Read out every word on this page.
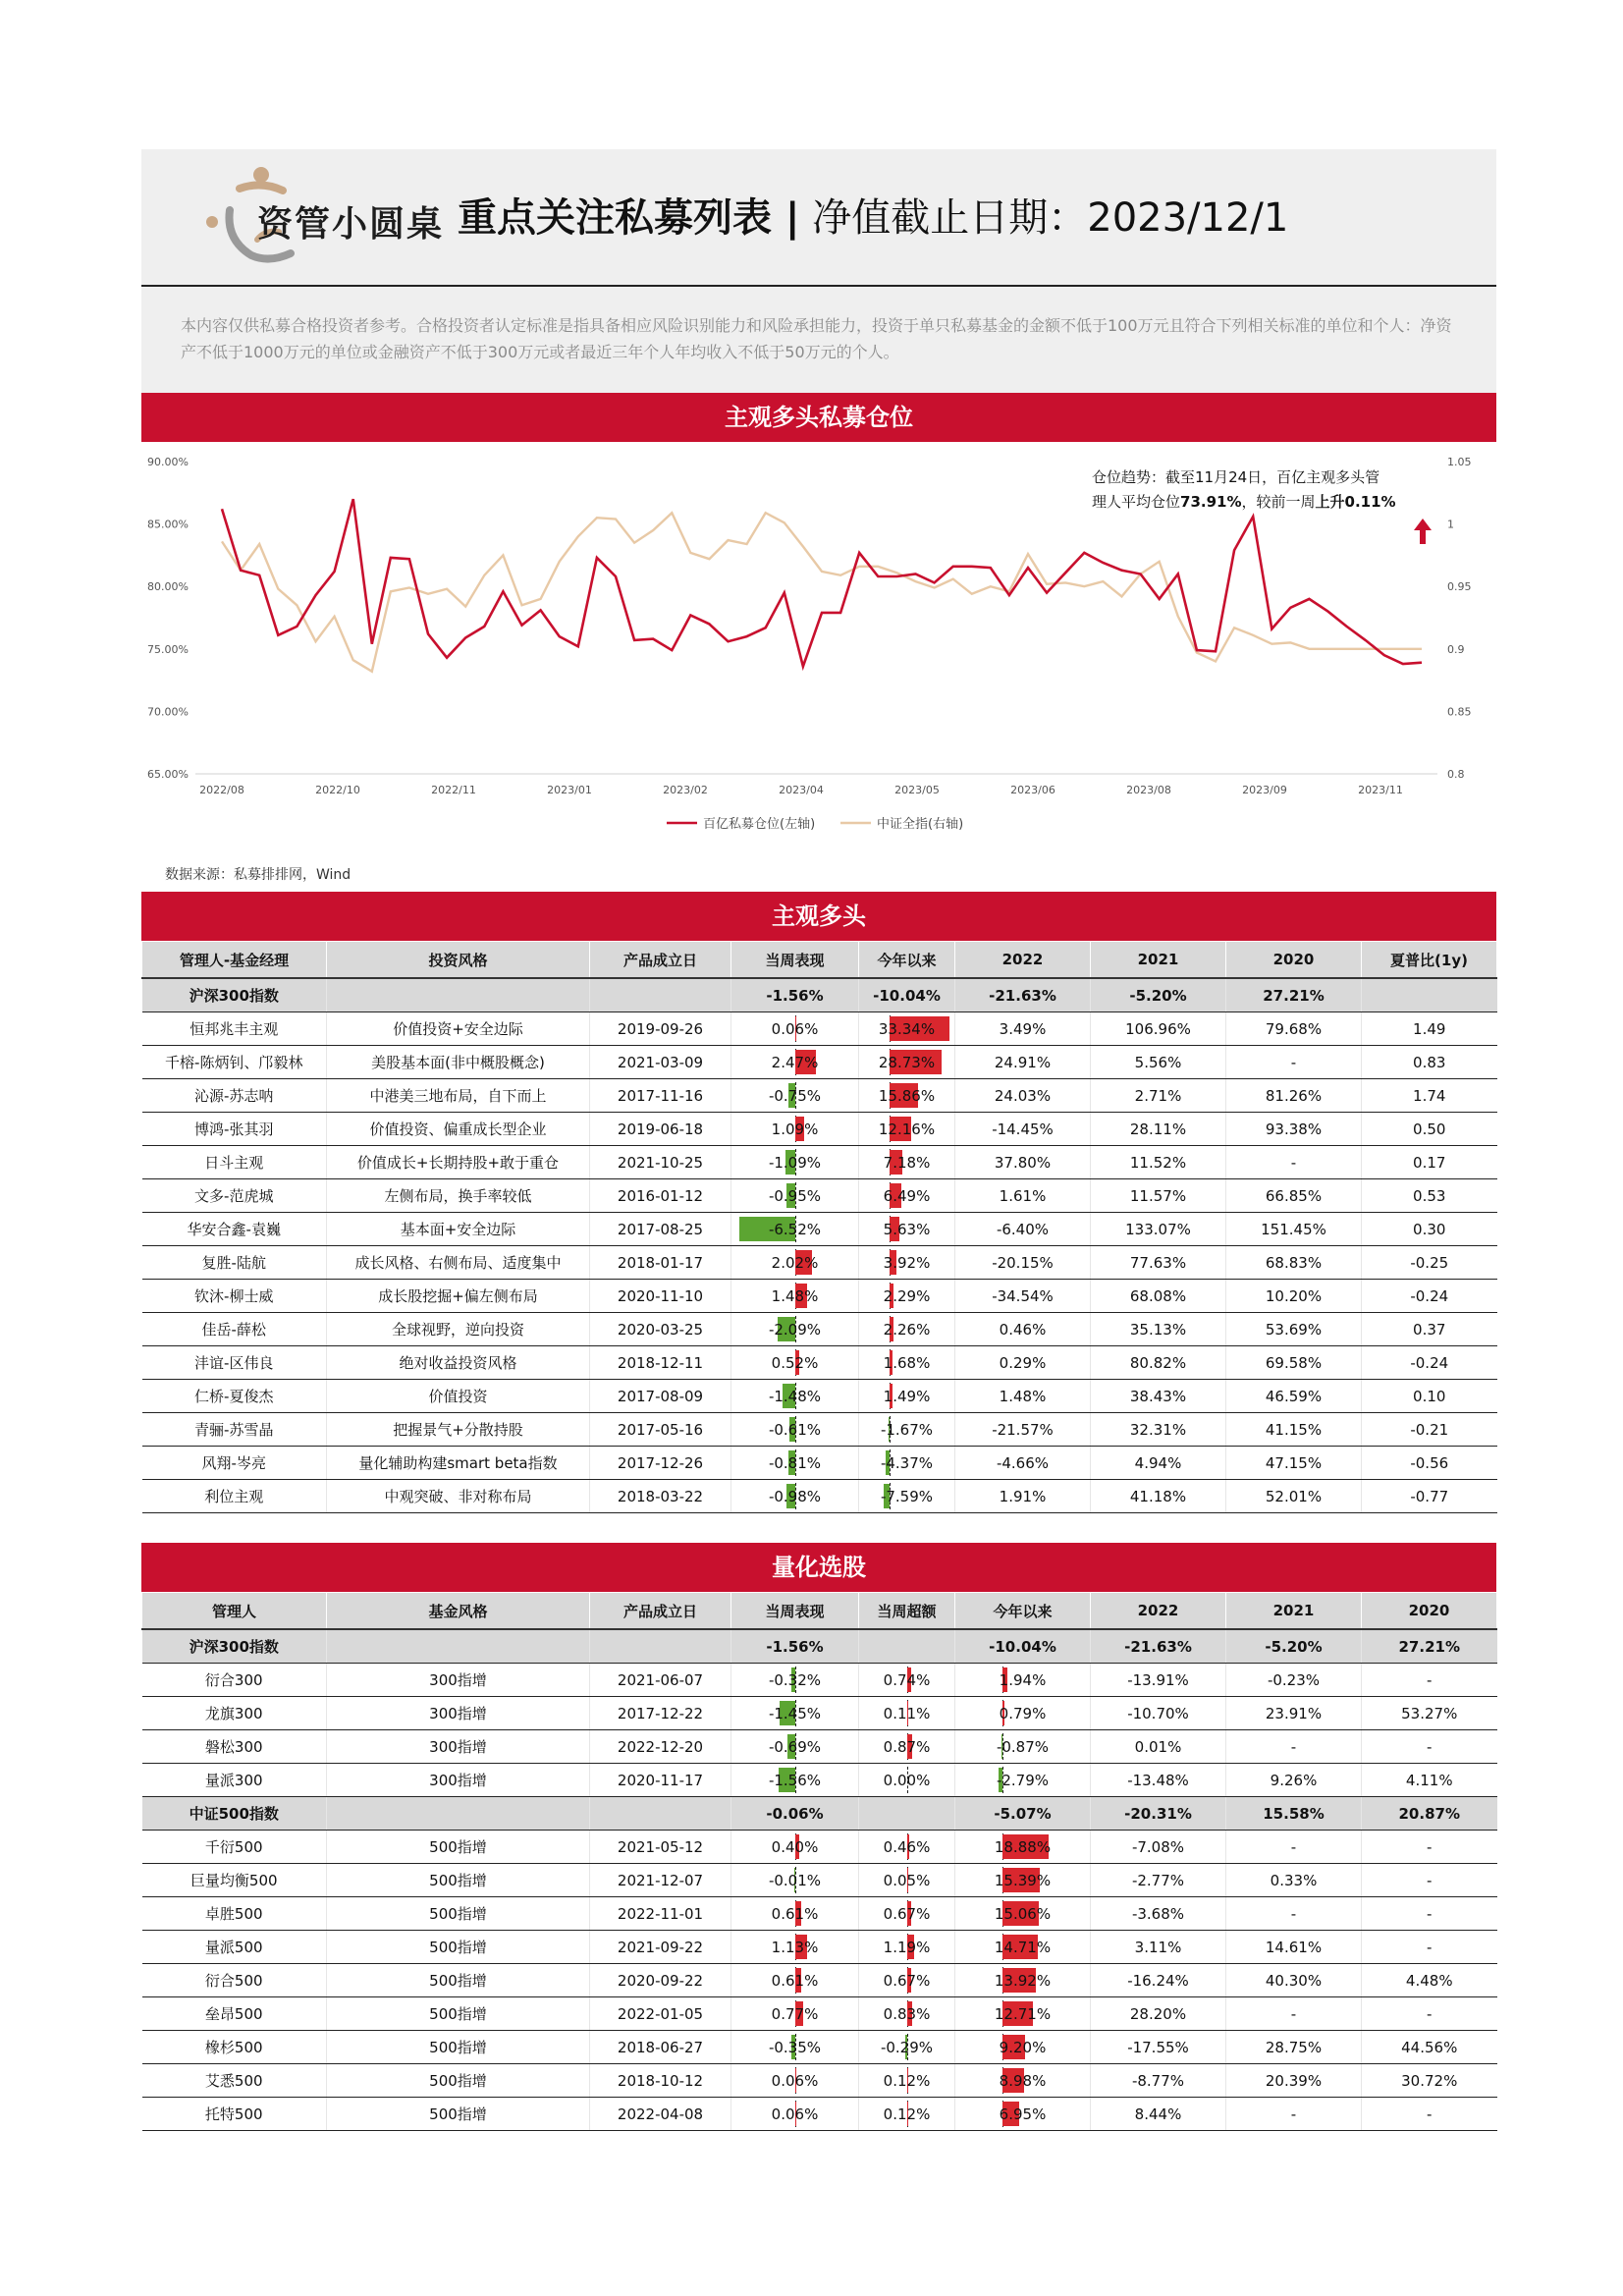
资管小圆桌 重点关注私募列表 | 净值截止日期：2023/12/1
本内容仅供私募合格投资者参考。合格投资者认定标准是指具备相应风险识别能力和风险承担能力，投资于单只私募基金的金额不低于100万元且符合下列相关标准的单位和个人：净资产不低于1000万元的单位或金融资产不低于300万元或者最近三年个人年均收入不低于50万元的个人。
主观多头私募仓位
65.00%
70.00%
75.00%
80.00%
85.00%
90.00%
0.8
0.85
0.9
0.95
1
1.05
2022/08	2022/10	2022/11	2023/01	2023/02	2023/04	2023/05	2023/06	2023/08	2023/09	2023/11
百亿私募仓位(左轴)	中证全指(右轴)
仓位趋势：截至11月24日，百亿主观多头管
理人平均仓位73.91%，较前一周上升0.11%
数据来源：私募排排网，Wind
主观多头
管理人-基金经理	投资风格	产品成立日	当周表现	今年以来	2022	2021	2020	夏普比(1y)
沪深300指数			-1.56%	-10.04%	-21.63%	-5.20%	27.21%	
恒邦兆丰主观	价值投资+安全边际	2019-09-26	0.06%	33.34%	3.49%	106.96%	79.68%	1.49
千榕-陈炳钊、邝毅林	美股基本面(非中概股概念)	2021-03-09	2.47%	28.73%	24.91%	5.56%	-	0.83
沁源-苏志呐	中港美三地布局，自下而上	2017-11-16	-0.75%	15.86%	24.03%	2.71%	81.26%	1.74
博鸿-张其羽	价值投资、偏重成长型企业	2019-06-18	1.09%	12.16%	-14.45%	28.11%	93.38%	0.50
日斗主观	价值成长+长期持股+敢于重仓	2021-10-25	-1.09%	7.18%	37.80%	11.52%	-	0.17
文多-范虎城	左侧布局，换手率较低	2016-01-12	-0.95%	6.49%	1.61%	11.57%	66.85%	0.53
华安合鑫-袁巍	基本面+安全边际	2017-08-25	-6.52%	5.63%	-6.40%	133.07%	151.45%	0.30
复胜-陆航	成长风格、右侧布局、适度集中	2018-01-17	2.02%	3.92%	-20.15%	77.63%	68.83%	-0.25
钦沐-柳士威	成长股挖掘+偏左侧布局	2020-11-10	1.48%	2.29%	-34.54%	68.08%	10.20%	-0.24
佳岳-薛松	全球视野，逆向投资	2020-03-25	-2.09%	2.26%	0.46%	35.13%	53.69%	0.37
沣谊-区伟良	绝对收益投资风格	2018-12-11	0.52%	1.68%	0.29%	80.82%	69.58%	-0.24
仁桥-夏俊杰	价值投资	2017-08-09	-1.48%	1.49%	1.48%	38.43%	46.59%	0.10
青骊-苏雪晶	把握景气+分散持股	2017-05-16	-0.61%	-1.67%	-21.57%	32.31%	41.15%	-0.21
风翔-岑亮	量化辅助构建smart beta指数	2017-12-26	-0.81%	-4.37%	-4.66%	4.94%	47.15%	-0.56
利位主观	中观突破、非对称布局	2018-03-22	-0.98%	-7.59%	1.91%	41.18%	52.01%	-0.77
量化选股
管理人	基金风格	产品成立日	当周表现	当周超额	今年以来	2022	2021	2020
沪深300指数			-1.56%		-10.04%	-21.63%	-5.20%	27.21%
衍合300	300指增	2021-06-07	-0.32%	0.74%	1.94%	-13.91%	-0.23%	-
龙旗300	300指增	2017-12-22	-1.45%	0.11%	0.79%	-10.70%	23.91%	53.27%
磐松300	300指增	2022-12-20	-0.69%	0.87%	-0.87%	0.01%	-	-
量派300	300指增	2020-11-17	-1.56%	0.00%	-2.79%	-13.48%	9.26%	4.11%
中证500指数			-0.06%		-5.07%	-20.31%	15.58%	20.87%
千衍500	500指增	2021-05-12	0.40%	0.46%	18.88%	-7.08%	-	-
巨量均衡500	500指增	2021-12-07	-0.01%	0.05%	15.39%	-2.77%	0.33%	-
卓胜500	500指增	2022-11-01	0.61%	0.67%	15.06%	-3.68%	-	-
量派500	500指增	2021-09-22	1.13%	1.19%	14.71%	3.11%	14.61%	-
衍合500	500指增	2020-09-22	0.61%	0.67%	13.92%	-16.24%	40.30%	4.48%
垒昂500	500指增	2022-01-05	0.77%	0.83%	12.71%	28.20%	-	-
橡杉500	500指增	2018-06-27	-0.35%	-0.29%	9.20%	-17.55%	28.75%	44.56%
艾悉500	500指增	2018-10-12	0.06%	0.12%	8.98%	-8.77%	20.39%	30.72%
托特500	500指增	2022-04-08	0.06%	0.12%	6.95%	8.44%	-	-
